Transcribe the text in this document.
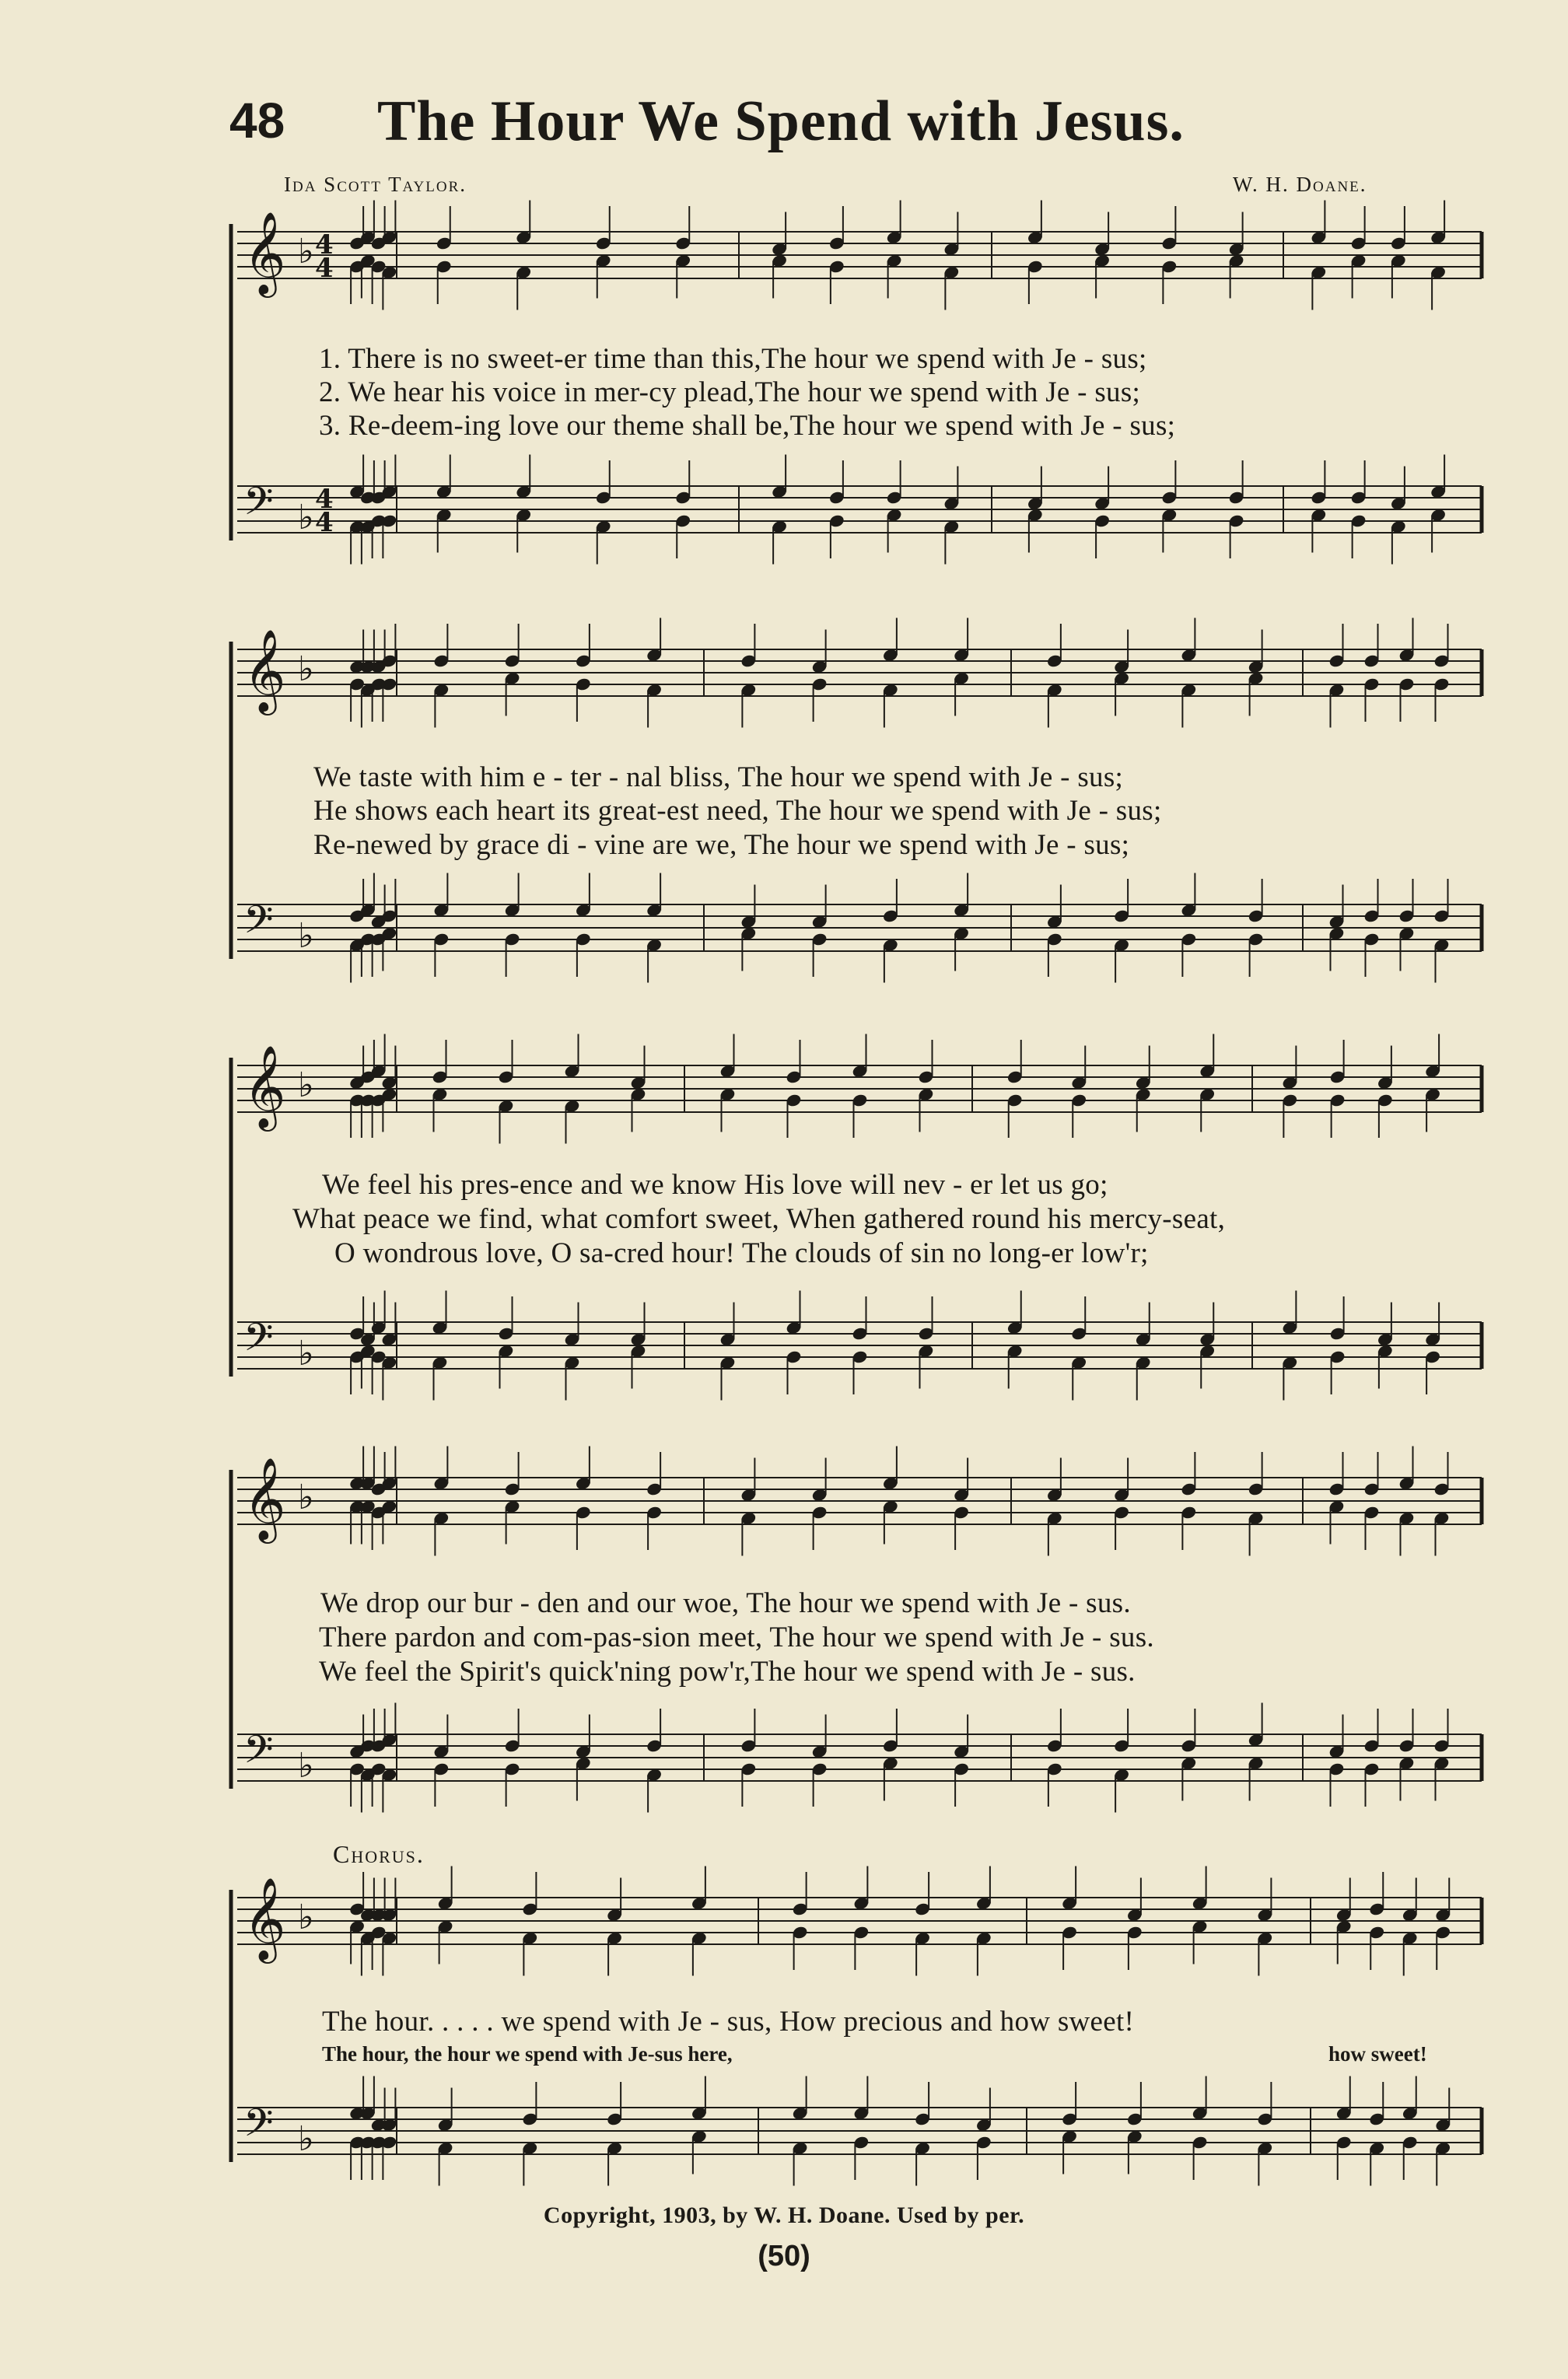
48 The Hour We Spend with Jesus.
Ida Scott Taylor.	W. H. Doane.
𝄞 ♭ 4
4
𝄢 ♭ 4
4
𝄞 ♭
𝄢 ♭
𝄞 ♭
𝄢 ♭
𝄞 ♭
𝄢 ♭
𝄞 ♭
𝄢 ♭
1. There is no sweet-er time than this,The hour we spend with Je - sus;
2. We hear his voice in mer-cy plead,The hour we spend with Je - sus;
3. Re-deem-ing love our theme shall be,The hour we spend with Je - sus;
We taste with him e - ter - nal bliss, The hour we spend with Je - sus;
He shows each heart its great-est need, The hour we spend with Je - sus;
Re-newed by grace di - vine are we, The hour we spend with Je - sus;
We feel his pres-ence and we know His love will nev - er let us go;
What peace we find, what comfort sweet, When gathered round his mercy-seat,
O wondrous love, O sa-cred hour! The clouds of sin no long-er low'r;
We drop our bur - den and our woe, The hour we spend with Je - sus.
There pardon and com-pas-sion meet, The hour we spend with Je - sus.
We feel the Spirit's quick'ning pow'r,The hour we spend with Je - sus.
Chorus.
The hour. . . . . we spend with Je - sus, How precious and how sweet!
The hour, the hour we spend with Je-sus here,	how sweet!
Copyright, 1903, by W. H. Doane. Used by per.
(50)
